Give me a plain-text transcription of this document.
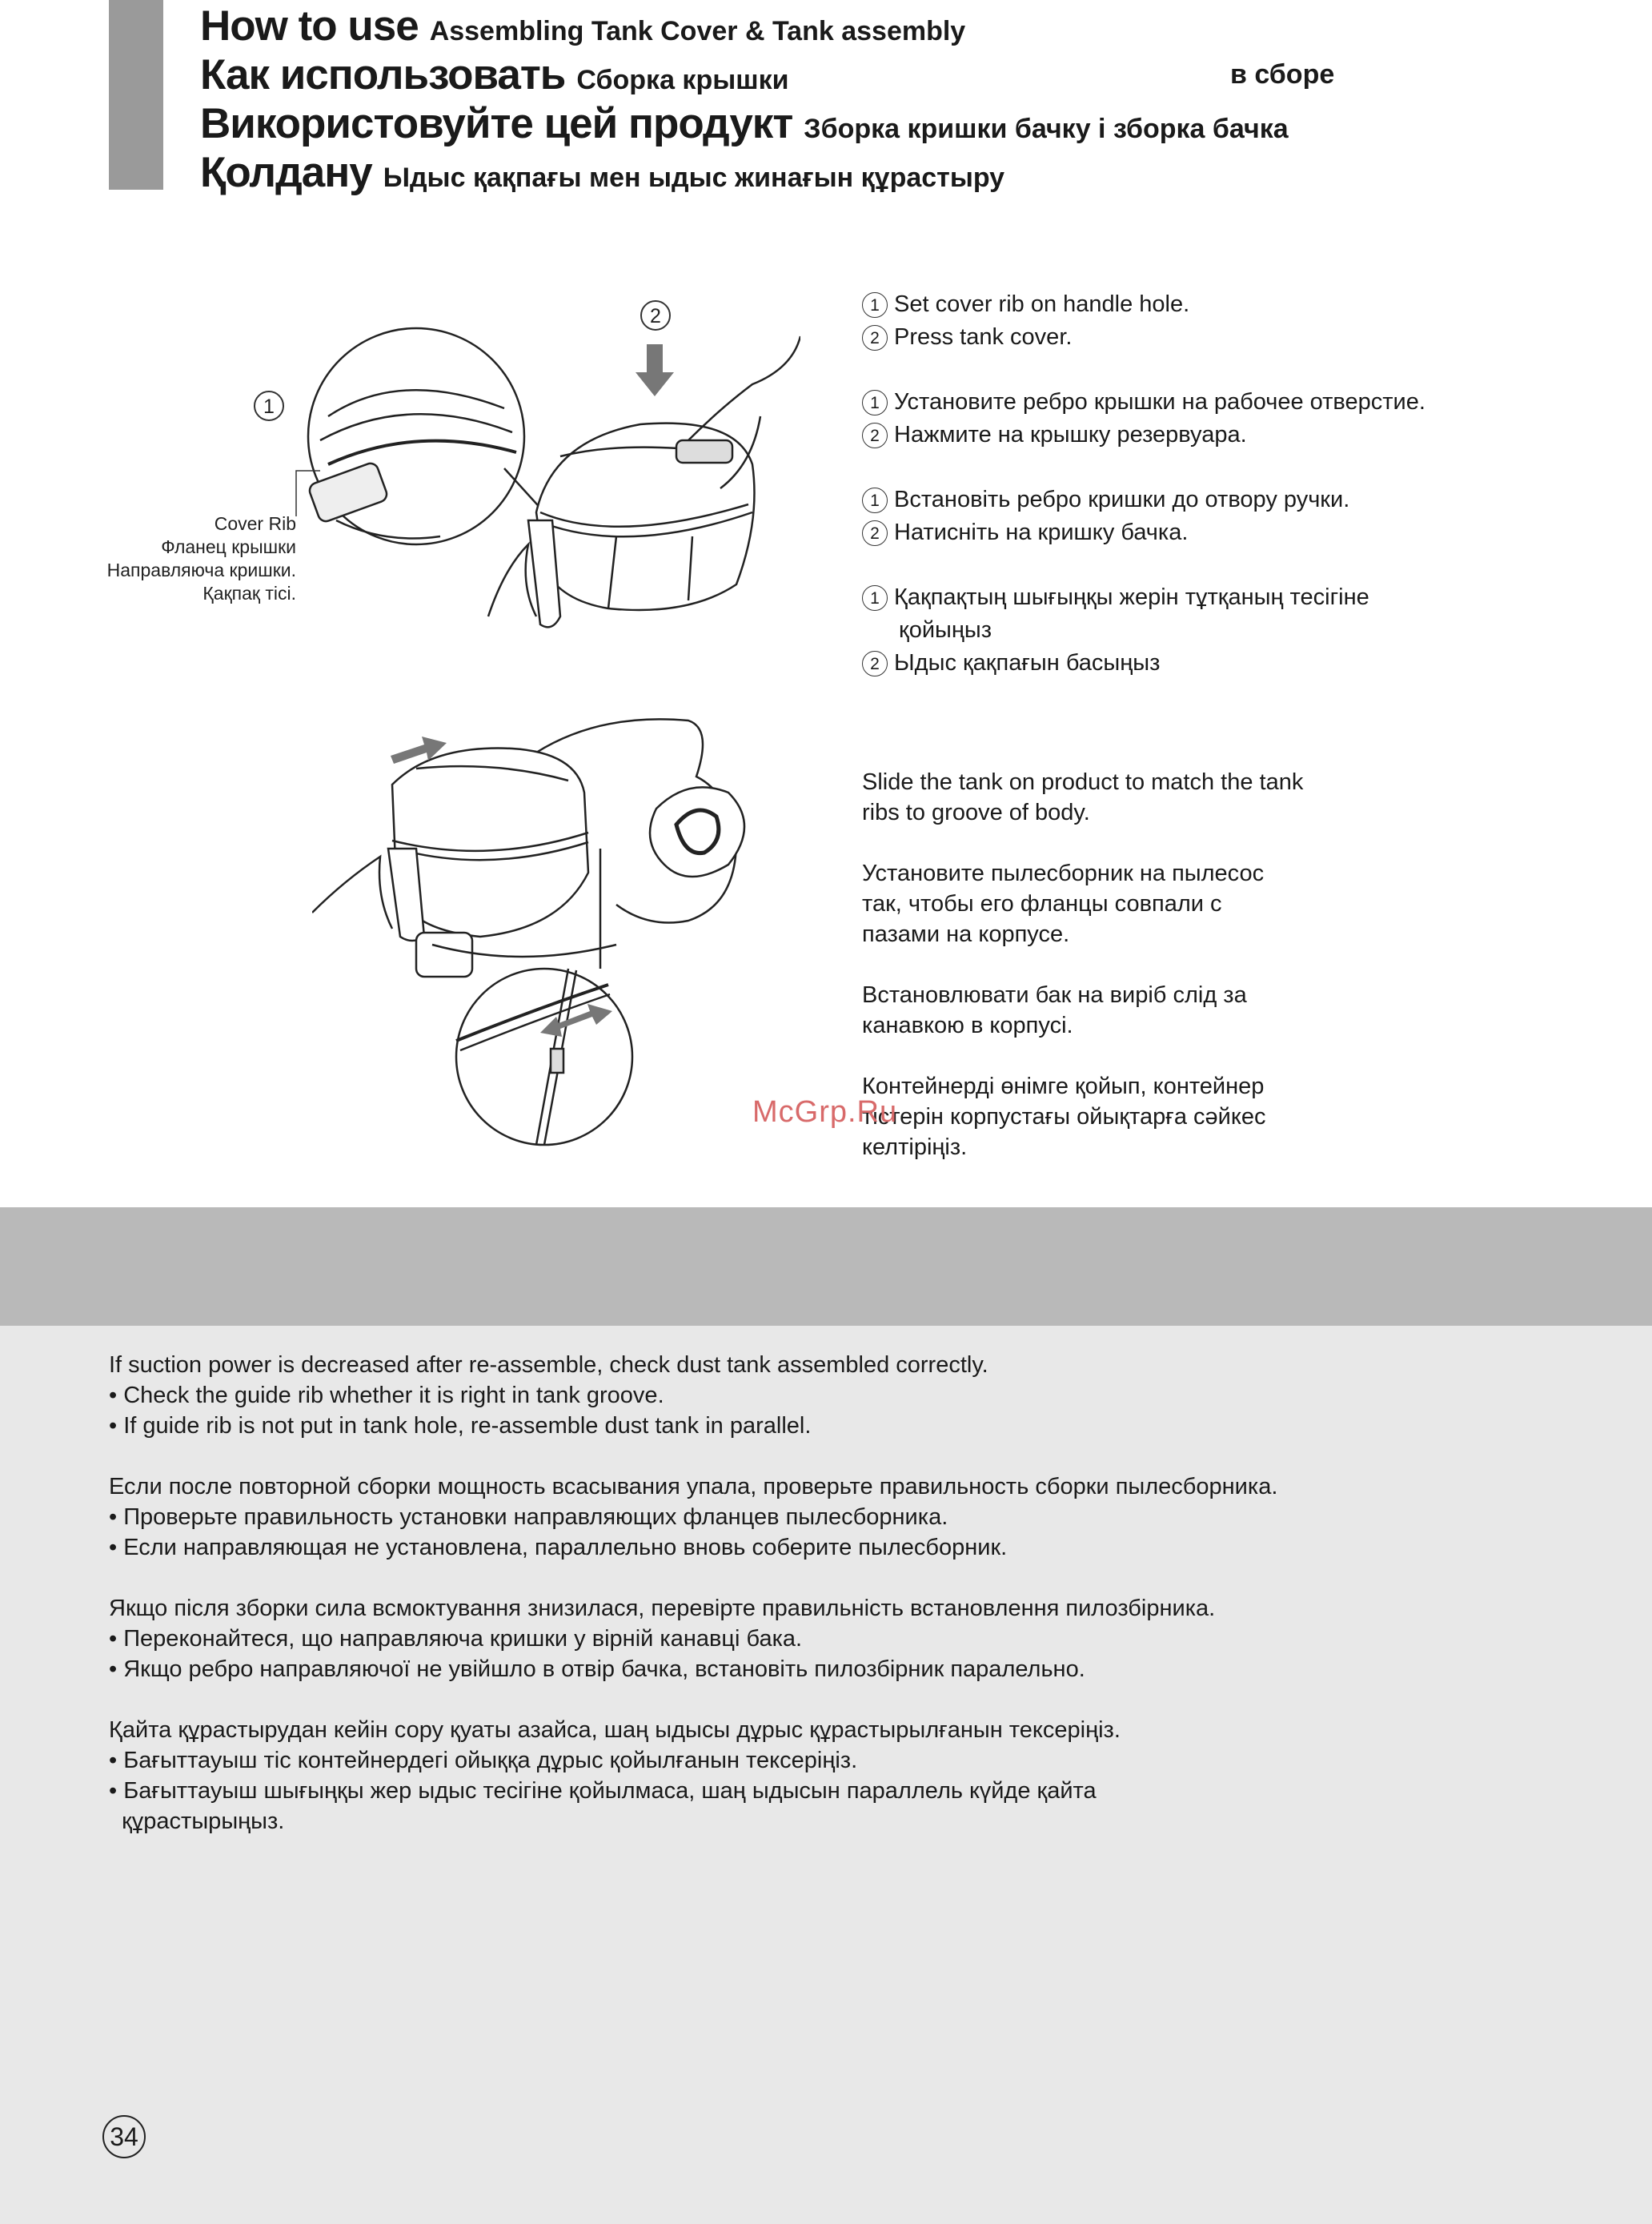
How to use Assembling Tank Cover & Tank assembly
Как использовать Сборка крышки	в сборе
Використовуйте цей продукт Зборка кришки бачку і зборка бачка
Қолдану Ыдыс қақпағы мен ыдыс жинағын құрастыру
2
1
Cover Rib
Фланец крышки
Направляюча кришки.
Қақпақ тісі.
1 Set cover rib on handle hole.
2 Press tank cover.
1 Установите ребро крышки на рабочее отверстие.
2 Нажмите на крышку резервуара.
1 Встановіть ребро кришки до отвору ручки.
2 Натисніть на кришку бачка.
1 Қақпақтың шығыңқы жерін тұтқаның тесігіне
қойыңыз
2 Ыдыс қақпағын басыңыз
Slide the tank on product to match the tank
ribs to groove of body.
Установите пылесборник на пылесос
так, чтобы его фланцы совпали с
пазами на корпусе.
Встановлювати бак на виріб слід за
канавкою в корпусі.
Контейнерді өнімге қойып, контейнер
тістерін корпустағы ойықтарға сәйкес
келтіріңіз.
McGrp.Ru
If suction power is decreased after re-assemble, check dust tank assembled correctly.
• Check the guide rib whether it is right in tank groove.
• If guide rib is not put in tank hole, re-assemble dust tank in parallel.
Если после повторной сборки мощность всасывания упала, проверьте правильность сборки пылесборника.
• Проверьте правильность установки направляющих фланцев пылесборника.
• Если направляющая не установлена, параллельно вновь соберите пылесборник.
Якщо після зборки сила всмоктування знизилася, перевірте правильність встановлення пилозбірника.
• Переконайтеся, що направляюча кришки у вірній канавці бака.
• Якщо ребро направляючої не увійшло в отвір бачка, встановіть пилозбірник паралельно.
Қайта құрастырудан кейін сору қуаты азайса, шаң ыдысы дұрыс құрастырылғанын тексеріңіз.
• Бағыттауыш тіс контейнердегі ойыққа дұрыс қойылғанын тексеріңіз.
• Бағыттауыш шығыңқы жер ыдыс тесігіне қойылмаса, шаң ыдысын параллель күйде қайта
құрастырыңыз.
34
